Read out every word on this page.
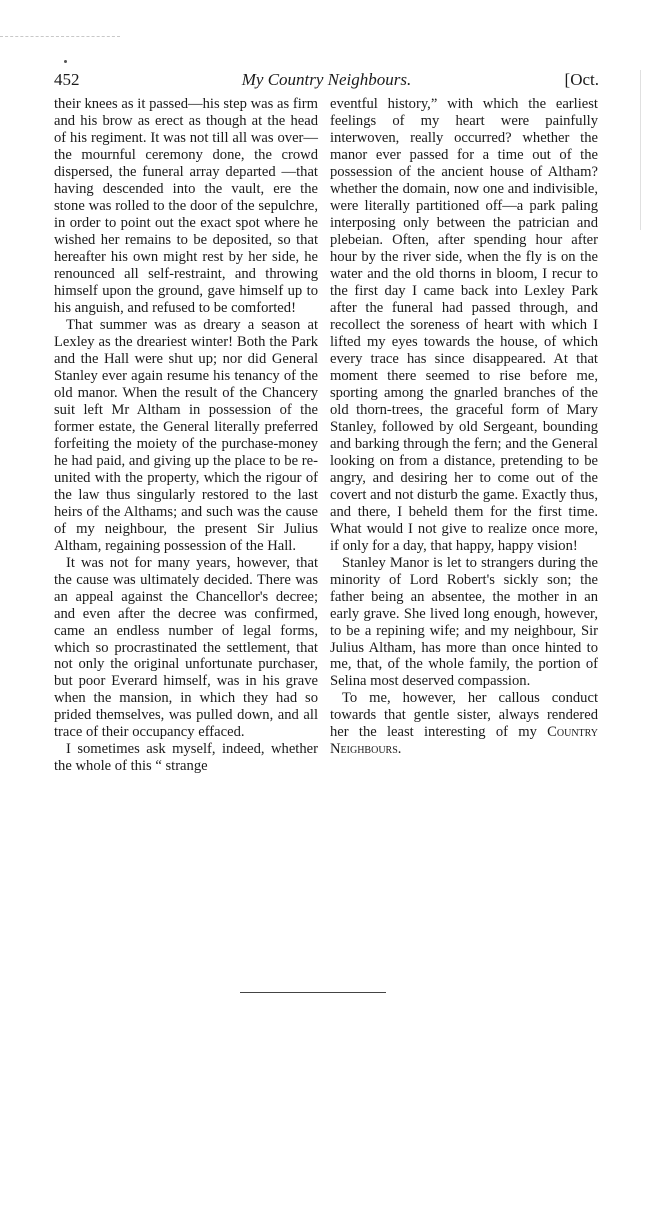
452	My Country Neighbours.	[Oct.

their knees as it passed—his step was as firm and his brow as erect as though at the head of his regiment. It was not till all was over—the mournful ceremony done, the crowd dispersed, the funeral array departed —that having descended into the vault, ere the stone was rolled to the door of the sepulchre, in order to point out the exact spot where he wished her remains to be deposited, so that hereafter his own might rest by her side, he renounced all self-restraint, and throwing himself upon the ground, gave himself up to his anguish, and refused to be comforted!

That summer was as dreary a season at Lexley as the dreariest winter! Both the Park and the Hall were shut up; nor did General Stanley ever again resume his tenancy of the old manor. When the result of the Chancery suit left Mr Altham in possession of the former estate, the General literally preferred forfeiting the moiety of the purchase-money he had paid, and giving up the place to be re-united with the property, which the rigour of the law thus singularly restored to the last heirs of the Althams; and such was the cause of my neighbour, the present Sir Julius Altham, regaining possession of the Hall.

It was not for many years, however, that the cause was ultimately decided. There was an appeal against the Chancellor's decree; and even after the decree was confirmed, came an endless number of legal forms, which so procrastinated the settlement, that not only the original unfortunate purchaser, but poor Everard himself, was in his grave when the mansion, in which they had so prided themselves, was pulled down, and all trace of their occupancy effaced.

I sometimes ask myself, indeed, whether the whole of this “ strange

eventful history,” with which the earliest feelings of my heart were painfully interwoven, really occurred? whether the manor ever passed for a time out of the possession of the ancient house of Altham? whether the domain, now one and indivisible, were literally partitioned off—a park paling interposing only between the patrician and plebeian. Often, after spending hour after hour by the river side, when the fly is on the water and the old thorns in bloom, I recur to the first day I came back into Lexley Park after the funeral had passed through, and recollect the soreness of heart with which I lifted my eyes towards the house, of which every trace has since disappeared. At that moment there seemed to rise before me, sporting among the gnarled branches of the old thorn-trees, the graceful form of Mary Stanley, followed by old Sergeant, bounding and barking through the fern; and the General looking on from a distance, pretending to be angry, and desiring her to come out of the covert and not disturb the game. Exactly thus, and there, I beheld them for the first time. What would I not give to realize once more, if only for a day, that happy, happy vision!

Stanley Manor is let to strangers during the minority of Lord Robert's sickly son; the father being an absentee, the mother in an early grave. She lived long enough, however, to be a repining wife; and my neighbour, Sir Julius Altham, has more than once hinted to me, that, of the whole family, the portion of Selina most deserved compassion.

To me, however, her callous conduct towards that gentle sister, always rendered her the least interesting of my Country Neighbours.
